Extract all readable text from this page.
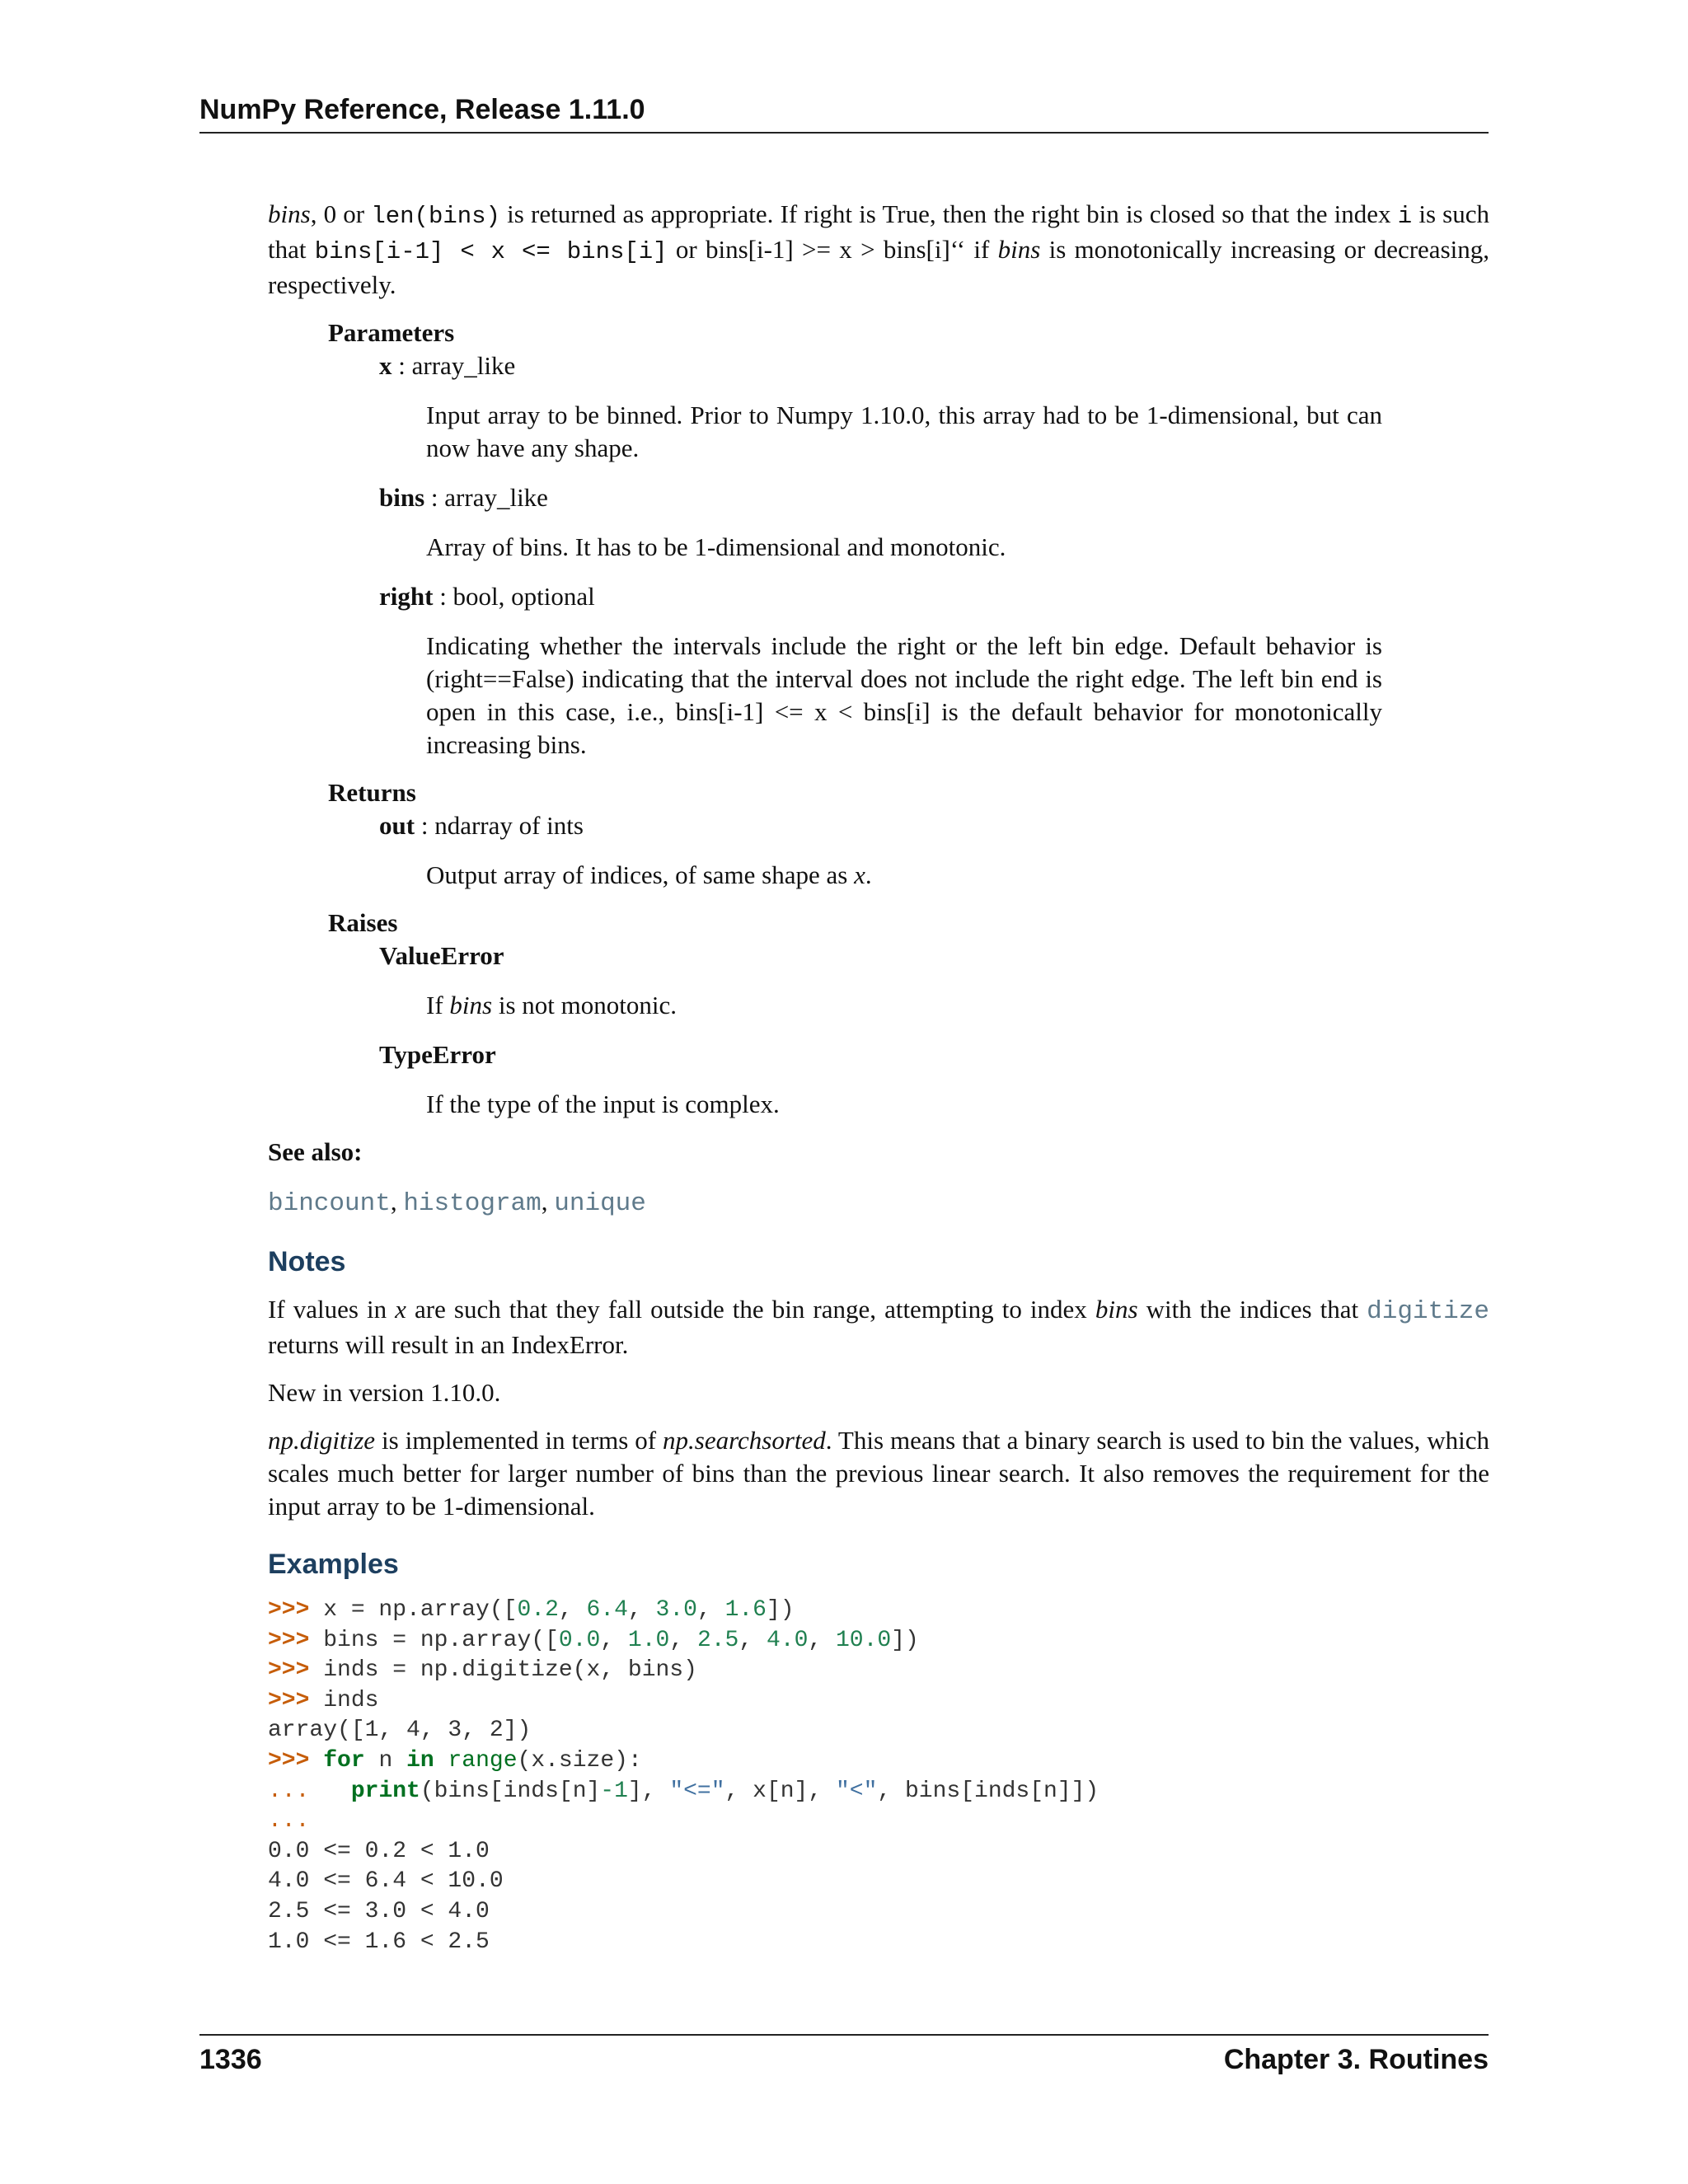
NumPy Reference, Release 1.11.0

bins, 0 or len(bins) is returned as appropriate. If right is True, then the right bin is closed so that the index i is such that bins[i-1] < x <= bins[i] or bins[i-1] >= x > bins[i]‘‘ if bins is monotonically increasing or decreasing, respectively.

Parameters
x : array_like

Input array to be binned. Prior to Numpy 1.10.0, this array had to be 1-dimensional, but can now have any shape.

bins : array_like

Array of bins. It has to be 1-dimensional and monotonic.

right : bool, optional

Indicating whether the intervals include the right or the left bin edge. Default behavior is (right==False) indicating that the interval does not include the right edge. The left bin end is open in this case, i.e., bins[i-1] <= x < bins[i] is the default behavior for monotonically increasing bins.

Returns
out : ndarray of ints

Output array of indices, of same shape as x.

Raises
ValueError

If bins is not monotonic.

TypeError

If the type of the input is complex.

See also:
bincount, histogram, unique
Notes

If values in x are such that they fall outside the bin range, attempting to index bins with the indices that digitize returns will result in an IndexError.

New in version 1.10.0.

np.digitize is implemented in terms of np.searchsorted. This means that a binary search is used to bin the values, which scales much better for larger number of bins than the previous linear search. It also removes the requirement for the input array to be 1-dimensional.

Examples
>>> x = np.array([0.2, 6.4, 3.0, 1.6])
>>> bins = np.array([0.0, 1.0, 2.5, 4.0, 10.0])
>>> inds = np.digitize(x, bins)
>>> inds
array([1, 4, 3, 2])
>>> for n in range(x.size):
... print(bins[inds[n]-1], "<=", x[n], "<", bins[inds[n]])
...
0.0 <= 0.2 < 1.0
4.0 <= 6.4 < 10.0
2.5 <= 3.0 < 4.0
1.0 <= 1.6 < 2.5
1336	Chapter 3. Routines
